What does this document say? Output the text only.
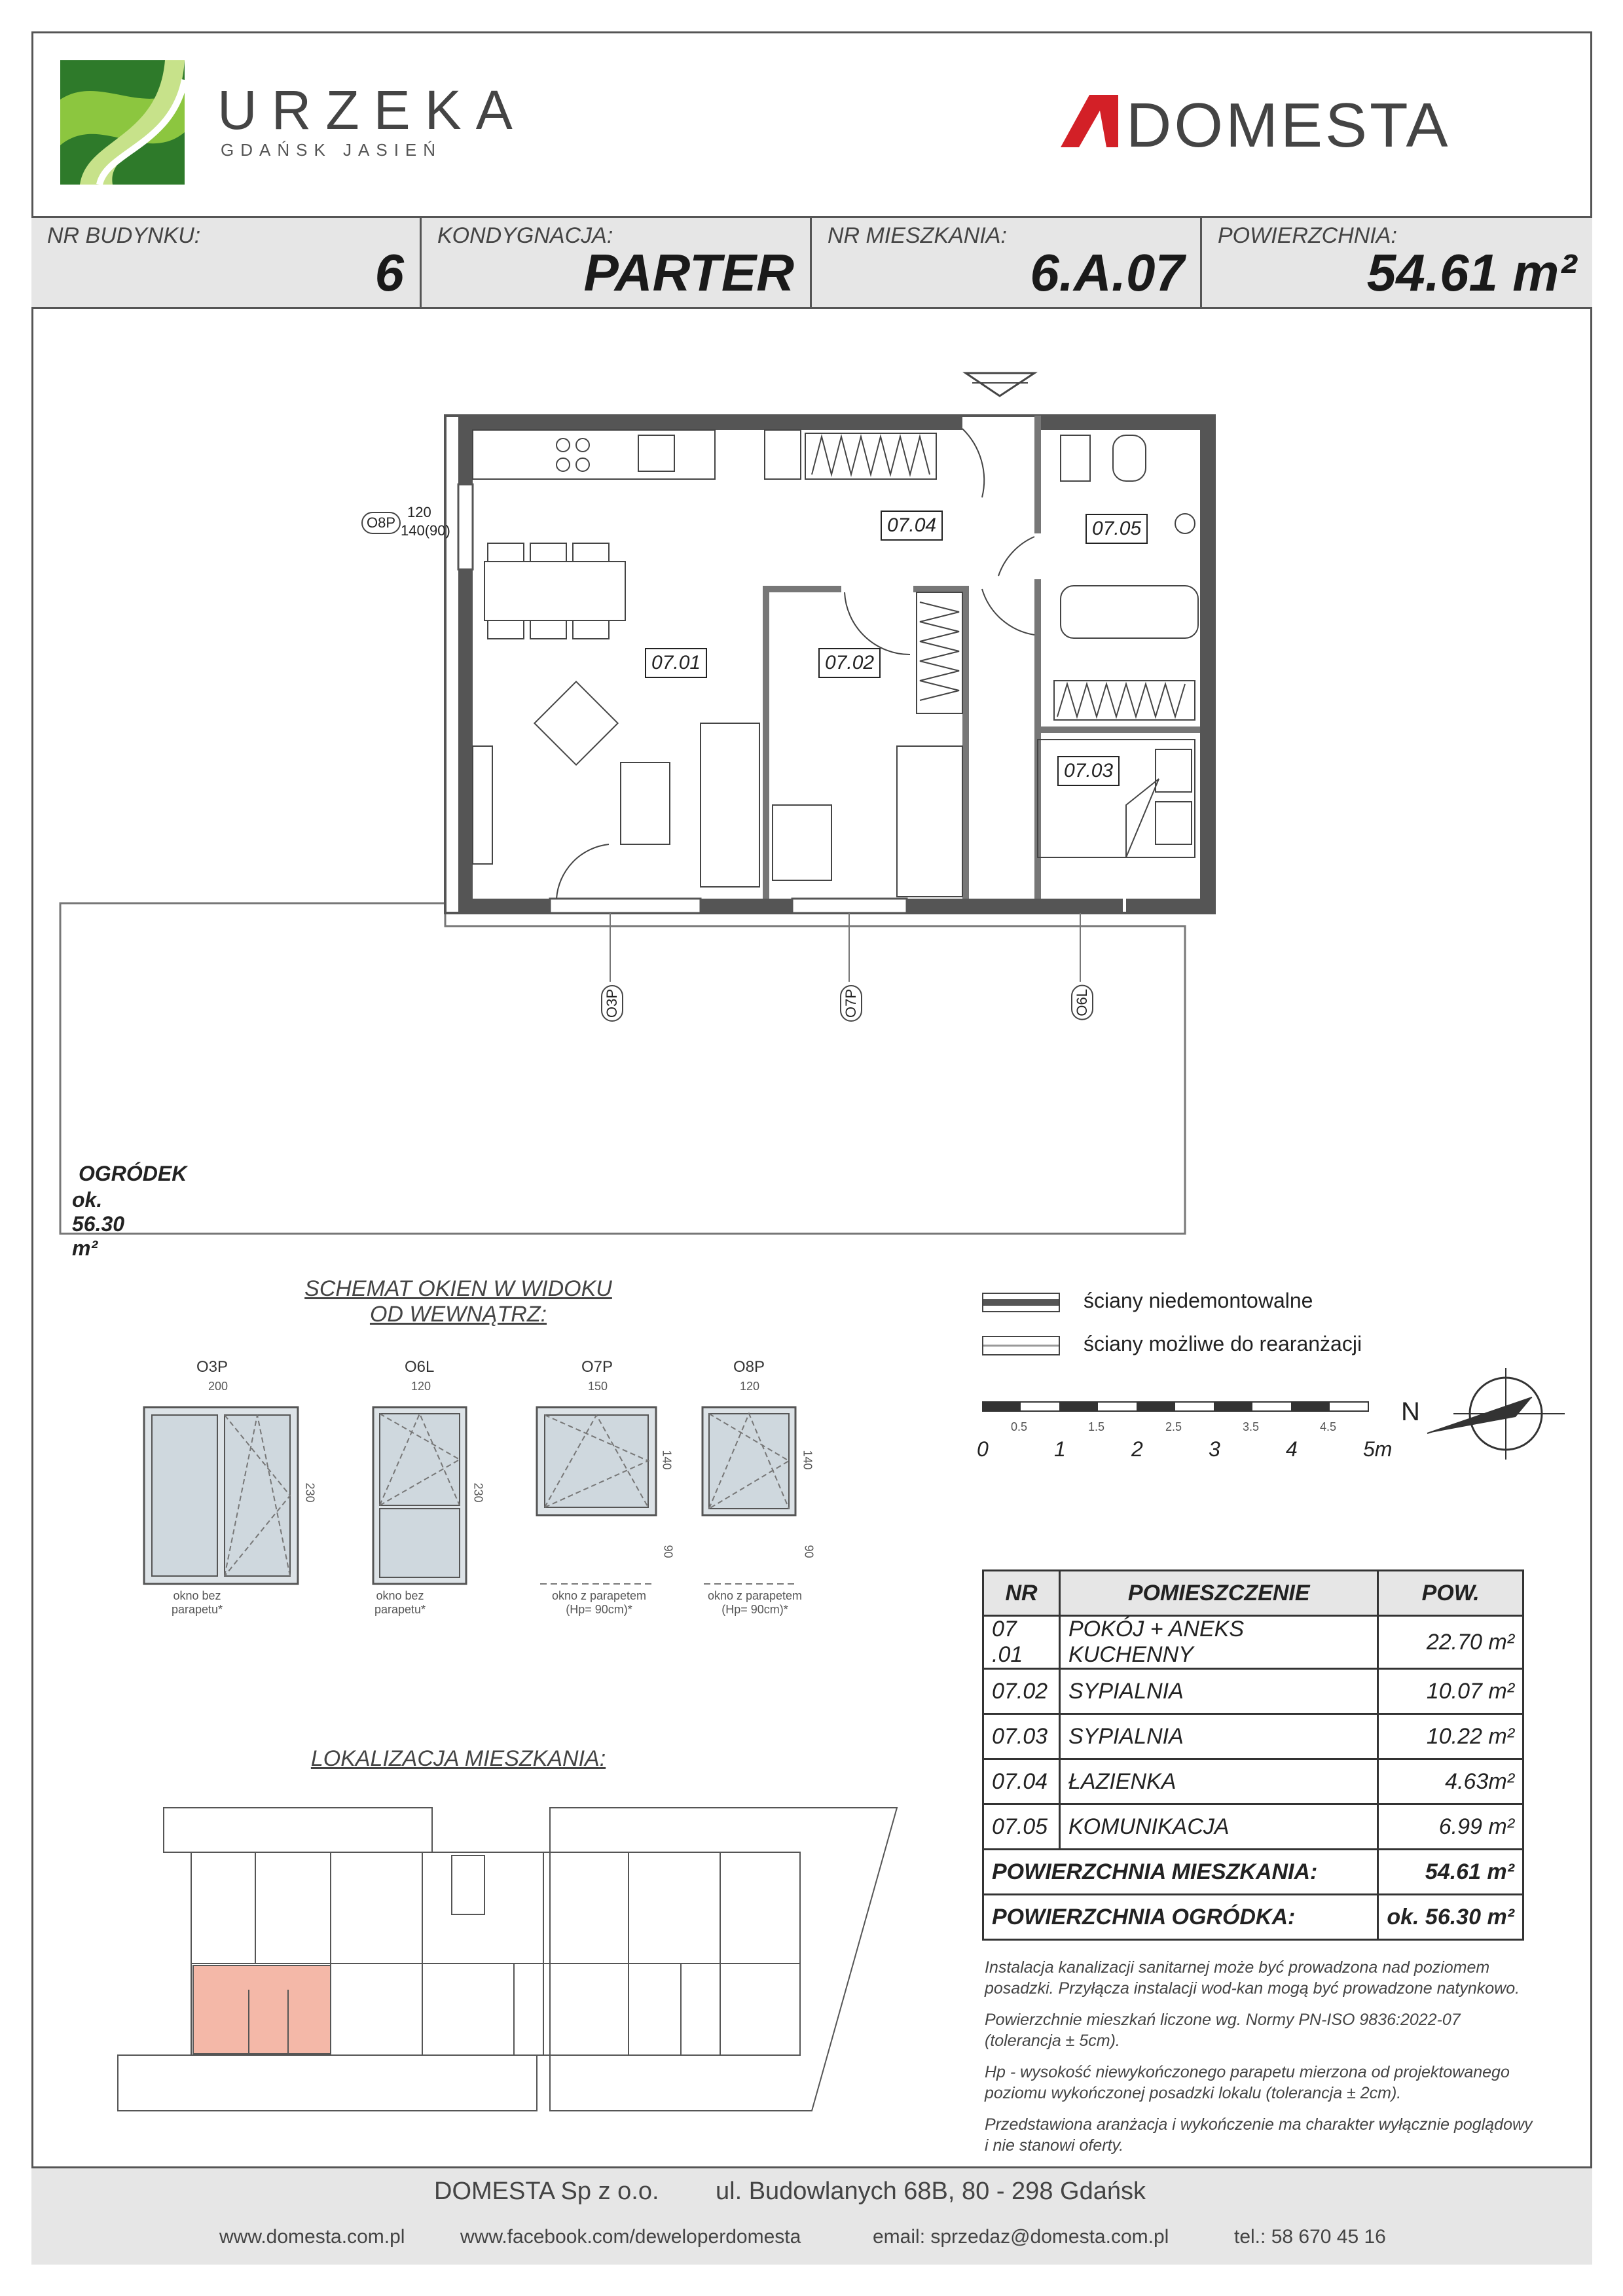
URZEKA
GDAŃSK JASIEŃ	DOMESTA
NR BUDYNKU:
6
KONDYGNACJA:
PARTER
NR MIESZKANIA:
6.A.07
POWIERZCHNIA:
54.61 m²
07.01	07.02
07.03
07.04	07.05
O8P
120
140(90)
O3P	O7P	O6L
OGRÓDEK
ok. 56.30 m²
ściany niedemontowalne
ściany możliwe do rearanżacji
0.5	1.5	2.5	3.5	4.5
0	1	2	3	4	5m
N
SCHEMAT OKIEN W WIDOKU
OD WEWNĄTRZ:
O3P
200
230
okno bez parapetu*
O6L
120
230
okno bez parapetu*
O7P
150
140
90
okno z parapetem (Hp= 90cm)*
O8P
120
140
90
okno z parapetem (Hp= 90cm)*
LOKALIZACJA MIESZKANIA:
NR	POMIESZCZENIE	POW.
07 .01	POKÓJ + ANEKS KUCHENNY	22.70 m²
07.02	SYPIALNIA	10.07 m²
07.03	SYPIALNIA	10.22 m²
07.04	ŁAZIENKA	4.63m²
07.05	KOMUNIKACJA	6.99 m²
POWIERZCHNIA MIESZKANIA:		54.61 m²
POWIERZCHNIA OGRÓDKA:		ok. 56.30 m²
Instalacja kanalizacji sanitarnej może być prowadzona nad poziomem posadzki. Przyłącza instalacji wod-kan mogą być prowadzone natynkowo.
Powierzchnie mieszkań liczone wg. Normy PN-ISO 9836:2022-07 (tolerancja ± 5cm).
Hp - wysokość niewykończonego parapetu mierzona od projektowanego poziomu wykończonej posadzki lokalu (tolerancja ± 2cm).
Przedstawiona aranżacja i wykończenie ma charakter wyłącznie poglądowy i nie stanowi oferty.
DOMESTA Sp z o.o. ul. Budowlanych 68B, 80 - 298 Gdańsk
www.domesta.com.pl	www.facebook.com/deweloperdomesta	email: sprzedaz@domesta.com.pl	tel.: 58 670 45 16
